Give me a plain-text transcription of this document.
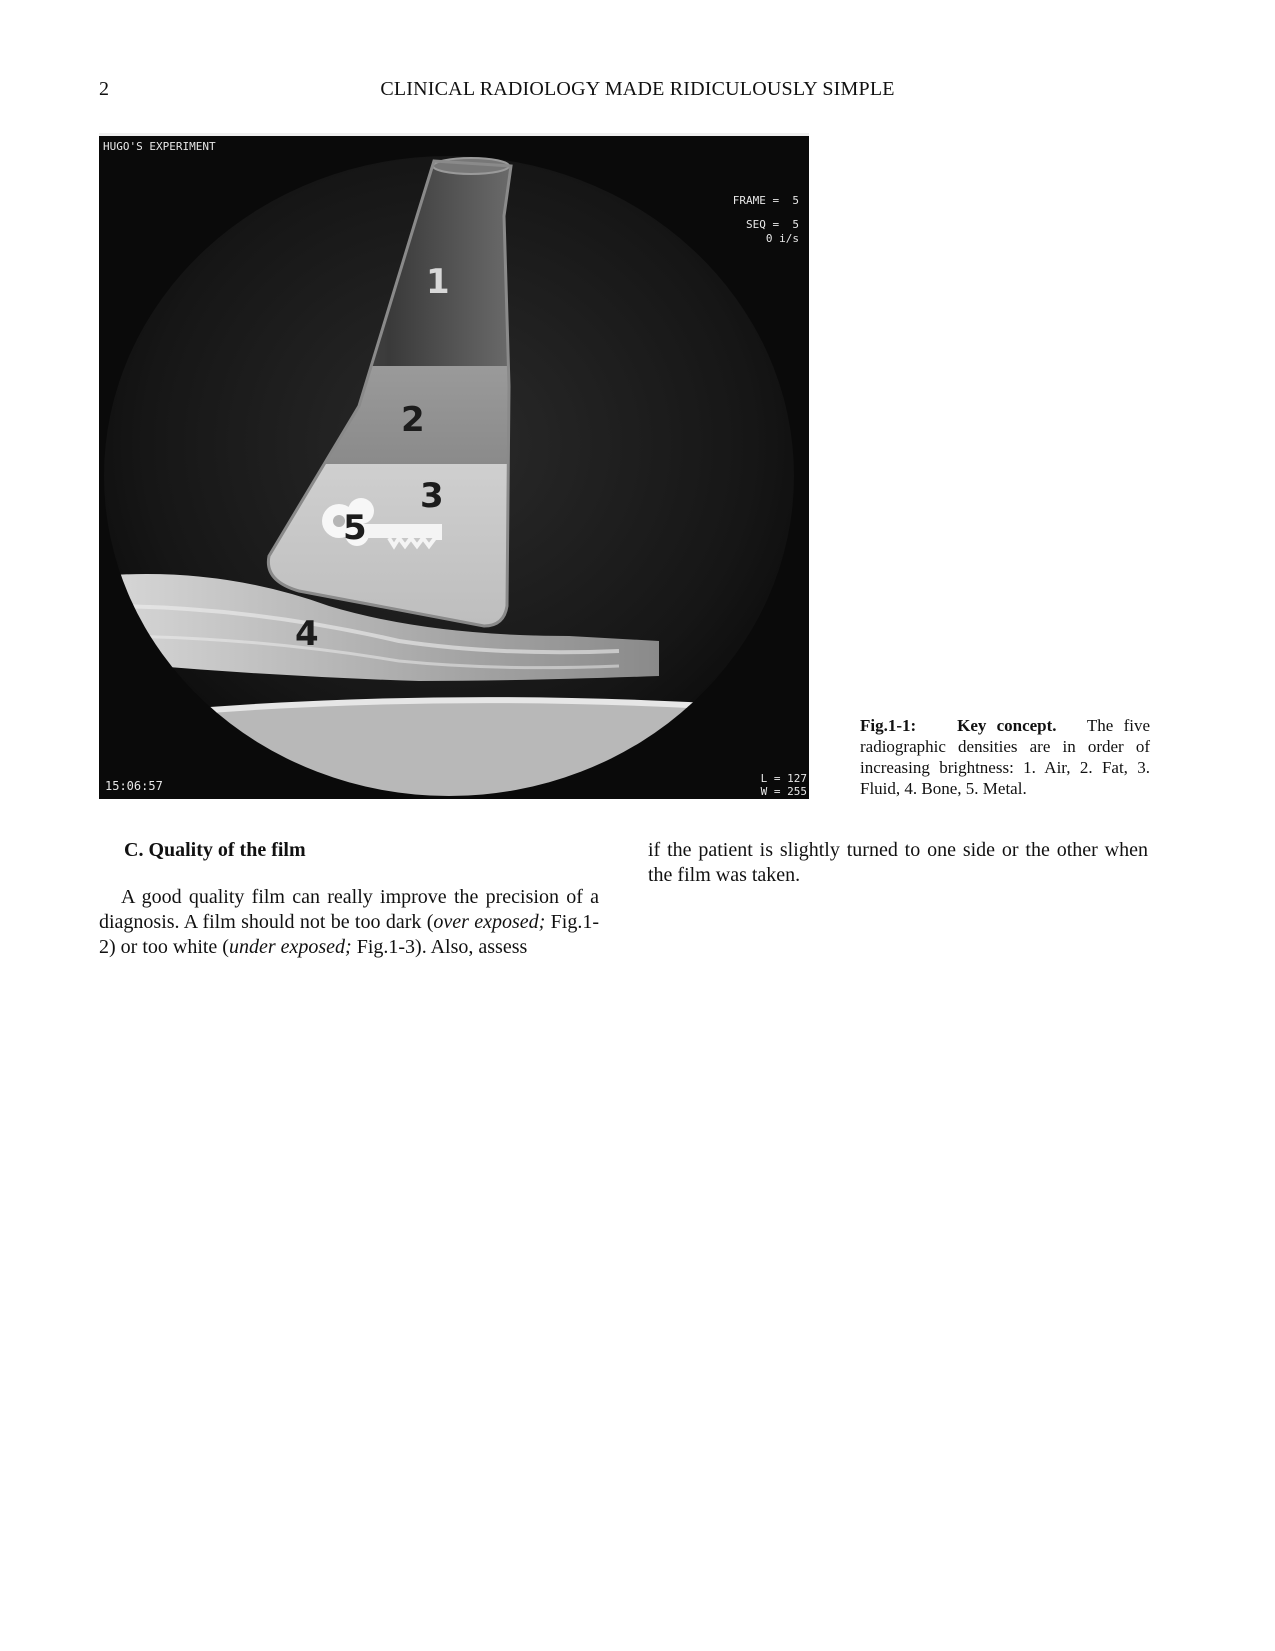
2	CLINICAL RADIOLOGY MADE RIDICULOUSLY SIMPLE
HUGO'S EXPERIMENT
FRAME =  5
SEQ =  5
0 i/s
15:06:57
L = 127
W = 255
1
2
3
4
5
Fig.1-1: Key concept. The five radiographic densities are in order of increasing brightness: 1. Air, 2. Fat, 3. Fluid, 4. Bone, 5. Metal.
C. Quality of the film

A good quality film can really improve the precision of a diagnosis. A film should not be too dark (over exposed; Fig.1-2) or too white (under exposed; Fig.1-3). Also, assess

if the patient is slightly turned to one side or the other when the film was taken.
